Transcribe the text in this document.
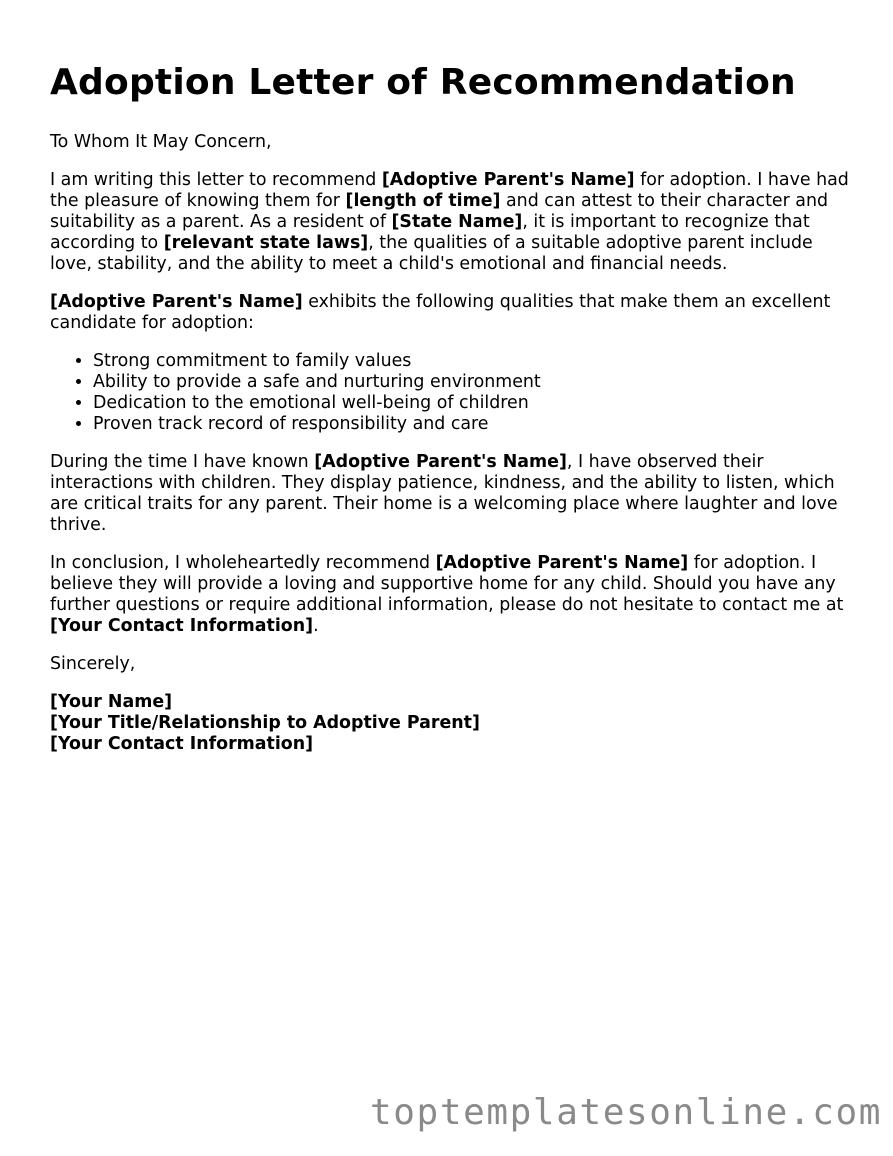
Adoption Letter of Recommendation

To Whom It May Concern,

I am writing this letter to recommend [Adoptive Parent's Name] for adoption. I have had the pleasure of knowing them for [length of time] and can attest to their character and suitability as a parent. As a resident of [State Name], it is important to recognize that according to [relevant state laws], the qualities of a suitable adoptive parent include love, stability, and the ability to meet a child's emotional and financial needs.

[Adoptive Parent's Name] exhibits the following qualities that make them an excellent candidate for adoption:

• Strong commitment to family values
• Ability to provide a safe and nurturing environment
• Dedication to the emotional well-being of children
• Proven track record of responsibility and care

During the time I have known [Adoptive Parent's Name], I have observed their interactions with children. They display patience, kindness, and the ability to listen, which are critical traits for any parent. Their home is a welcoming place where laughter and love thrive.

In conclusion, I wholeheartedly recommend [Adoptive Parent's Name] for adoption. I believe they will provide a loving and supportive home for any child. Should you have any further questions or require additional information, please do not hesitate to contact me at [Your Contact Information].

Sincerely,

[Your Name]
[Your Title/Relationship to Adoptive Parent]
[Your Contact Information]

toptemplatesonline.com
